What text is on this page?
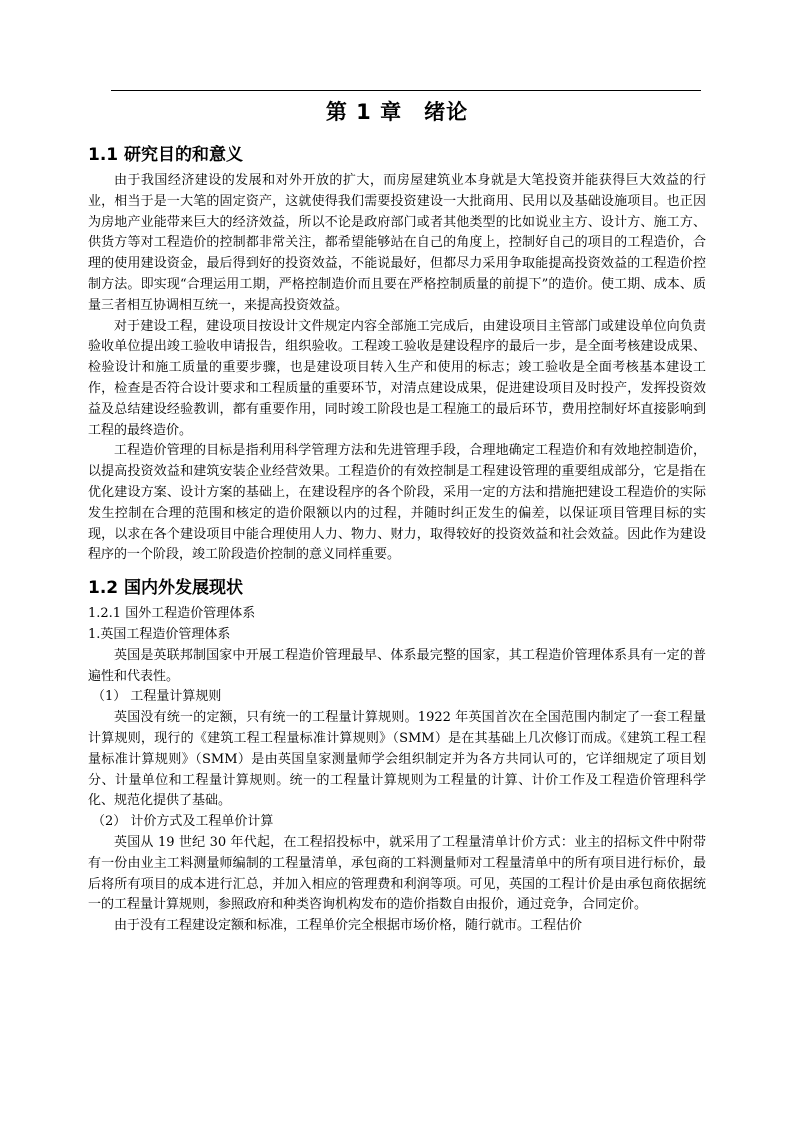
第 1 章　绪论
1.1 研究目的和意义

由于我国经济建设的发展和对外开放的扩大，而房屋建筑业本身就是大笔投资并能获得巨大效益的行业，相当于是一大笔的固定资产，这就使得我们需要投资建设一大批商用、民用以及基础设施项目。也正因为房地产业能带来巨大的经济效益，所以不论是政府部门或者其他类型的比如说业主方、设计方、施工方、供货方等对工程造价的控制都非常关注，都希望能够站在自己的角度上，控制好自己的项目的工程造价，合理的使用建设资金，最后得到好的投资效益，不能说最好，但都尽力采用争取能提高投资效益的工程造价控制方法。即实现“合理运用工期，严格控制造价而且要在严格控制质量的前提下”的造价。使工期、成本、质量三者相互协调相互统一，来提高投资效益。

对于建设工程，建设项目按设计文件规定内容全部施工完成后，由建设项目主管部门或建设单位向负责验收单位提出竣工验收申请报告，组织验收。工程竣工验收是建设程序的最后一步，是全面考核建设成果、检验设计和施工质量的重要步骤，也是建设项目转入生产和使用的标志；竣工验收是全面考核基本建设工作，检查是否符合设计要求和工程质量的重要环节，对清点建设成果，促进建设项目及时投产，发挥投资效益及总结建设经验教训，都有重要作用，同时竣工阶段也是工程施工的最后环节，费用控制好坏直接影响到工程的最终造价。

工程造价管理的目标是指利用科学管理方法和先进管理手段，合理地确定工程造价和有效地控制造价，以提高投资效益和建筑安装企业经营效果。工程造价的有效控制是工程建设管理的重要组成部分，它是指在优化建设方案、设计方案的基础上，在建设程序的各个阶段，采用一定的方法和措施把建设工程造价的实际发生控制在合理的范围和核定的造价限额以内的过程，并随时纠正发生的偏差，以保证项目管理目标的实现，以求在各个建设项目中能合理使用人力、物力、财力，取得较好的投资效益和社会效益。因此作为建设程序的一个阶段，竣工阶段造价控制的意义同样重要。

1.2 国内外发展现状
1.2.1 国外工程造价管理体系
1.英国工程造价管理体系

英国是英联邦制国家中开展工程造价管理最早、体系最完整的国家，其工程造价管理体系具有一定的普遍性和代表性。

（1） 工程量计算规则

英国没有统一的定额，只有统一的工程量计算规则。1922 年英国首次在全国范围内制定了一套工程量计算规则，现行的《建筑工程工程量标准计算规则》（SMM）是在其基础上几次修订而成。《建筑工程工程量标准计算规则》（SMM）是由英国皇家测量师学会组织制定并为各方共同认可的，它详细规定了项目划分、计量单位和工程量计算规则。统一的工程量计算规则为工程量的计算、计价工作及工程造价管理科学化、规范化提供了基础。

（2） 计价方式及工程单价计算

英国从 19 世纪 30 年代起，在工程招投标中，就采用了工程量清单计价方式：业主的招标文件中附带有一份由业主工料测量师编制的工程量清单，承包商的工料测量师对工程量清单中的所有项目进行标价，最后将所有项目的成本进行汇总，并加入相应的管理费和利润等项。可见，英国的工程计价是由承包商依据统一的工程量计算规则，参照政府和种类咨询机构发布的造价指数自由报价，通过竞争，合同定价。

由于没有工程建设定额和标准，工程单价完全根据市场价格，随行就市。工程估价
